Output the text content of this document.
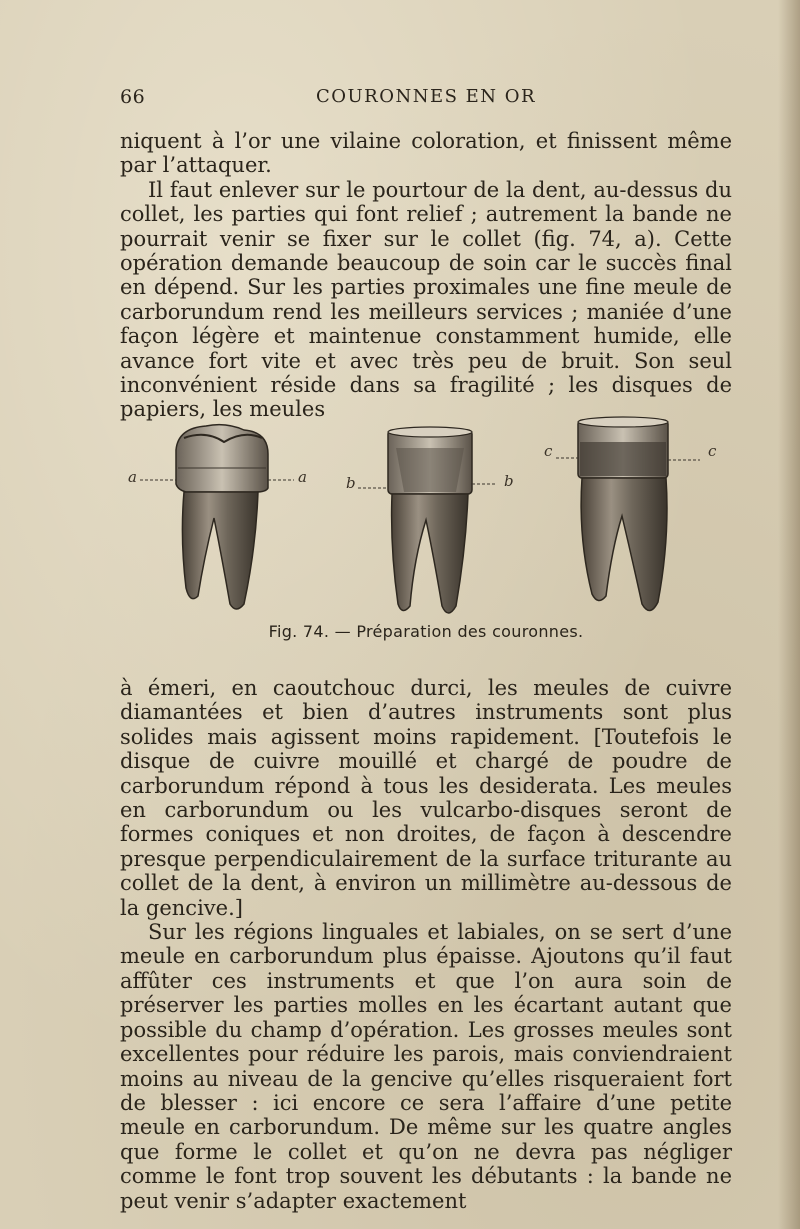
66	COURONNES EN OR

niquent à l’or une vilaine coloration, et finissent même par l’attaquer.

Il faut enlever sur le pourtour de la dent, au-dessus du collet, les parties qui font relief ; autrement la bande ne pourrait venir se fixer sur le collet (fig. 74, a). Cette opération demande beaucoup de soin car le succès final en dépend. Sur les parties proximales une fine meule de carborundum rend les meilleurs services ; maniée d’une façon légère et maintenue constamment humide, elle avance fort vite et avec très peu de bruit. Son seul inconvénient réside dans sa fragilité ; les disques de papiers, les meules

a	a	b	b
c	c
Fig. 74. — Préparation des couronnes.

à émeri, en caoutchouc durci, les meules de cuivre diamantées et bien d’autres instruments sont plus solides mais agissent moins rapidement. [Toutefois le disque de cuivre mouillé et chargé de poudre de carborundum répond à tous les desiderata. Les meules en carborundum ou les vulcarbo-disques seront de formes coniques et non droites, de façon à descendre presque perpendiculairement de la surface triturante au collet de la dent, à environ un millimètre au-dessous de la gencive.]

Sur les régions linguales et labiales, on se sert d’une meule en carborundum plus épaisse. Ajoutons qu’il faut affûter ces instruments et que l’on aura soin de préserver les parties molles en les écartant autant que possible du champ d’opération. Les grosses meules sont excellentes pour réduire les parois, mais conviendraient moins au niveau de la gencive qu’elles risqueraient fort de blesser : ici encore ce sera l’affaire d’une petite meule en carborundum. De même sur les quatre angles que forme le collet et qu’on ne devra pas négliger comme le font trop souvent les débutants : la bande ne peut venir s’adapter exactement
